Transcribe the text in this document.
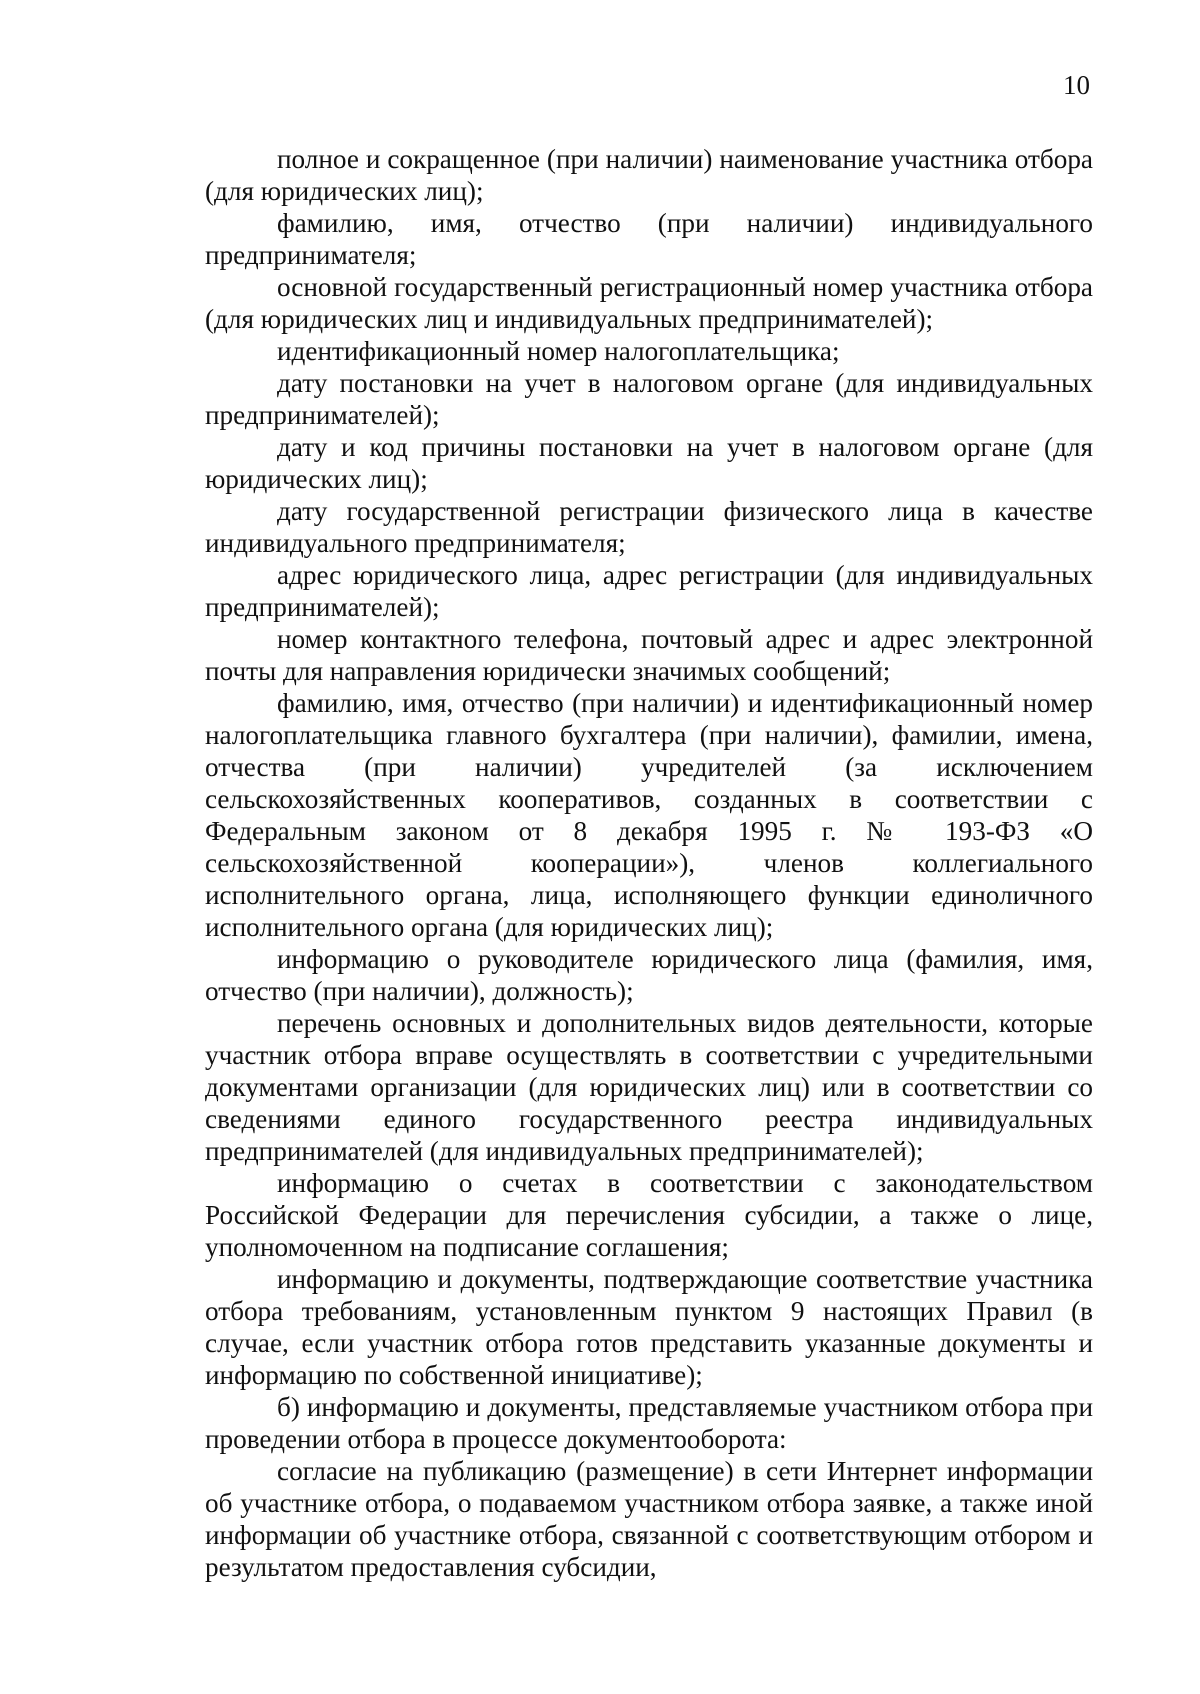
10

полное и сокращенное (при наличии) наименование участника отбора (для юридических лиц);

фамилию, имя, отчество (при наличии) индивидуального предпринимателя;

основной государственный регистрационный номер участника отбора (для юридических лиц и индивидуальных предпринимателей);

идентификационный номер налогоплательщика;

дату постановки на учет в налоговом органе (для индивидуальных предпринимателей);

дату и код причины постановки на учет в налоговом органе (для юридических лиц);

дату государственной регистрации физического лица в качестве индивидуального предпринимателя;

адрес юридического лица, адрес регистрации (для индивидуальных предпринимателей);

номер контактного телефона, почтовый адрес и адрес электронной почты для направления юридически значимых сообщений;

фамилию, имя, отчество (при наличии) и идентификационный номер налогоплательщика главного бухгалтера (при наличии), фамилии, имена, отчества (при наличии) учредителей (за исключением сельскохозяйственных кооперативов, созданных в соответствии с Федеральным законом от 8 декабря 1995 г. № 193-ФЗ «О сельскохозяйственной кооперации»), членов коллегиального исполнительного органа, лица, исполняющего функции единоличного исполнительного органа (для юридических лиц);

информацию о руководителе юридического лица (фамилия, имя, отчество (при наличии), должность);

перечень основных и дополнительных видов деятельности, которые участник отбора вправе осуществлять в соответствии с учредительными документами организации (для юридических лиц) или в соответствии со сведениями единого государственного реестра индивидуальных предпринимателей (для индивидуальных предпринимателей);

информацию о счетах в соответствии с законодательством Российской Федерации для перечисления субсидии, а также о лице, уполномоченном на подписание соглашения;

информацию и документы, подтверждающие соответствие участника отбора требованиям, установленным пунктом 9 настоящих Правил (в случае, если участник отбора готов представить указанные документы и информацию по собственной инициативе);

б) информацию и документы, представляемые участником отбора при проведении отбора в процессе документооборота:

согласие на публикацию (размещение) в сети Интернет информации об участнике отбора, о подаваемом участником отбора заявке, а также иной информации об участнике отбора, связанной с соответствующим отбором и результатом предоставления субсидии,
